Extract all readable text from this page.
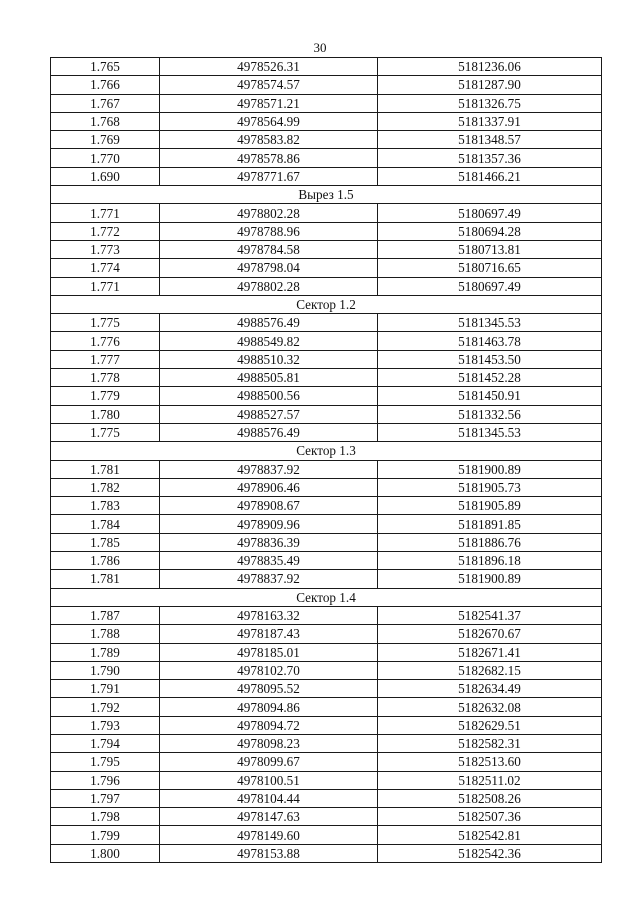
30
1.765	4978526.31	5181236.06
1.766	4978574.57	5181287.90
1.767	4978571.21	5181326.75
1.768	4978564.99	5181337.91
1.769	4978583.82	5181348.57
1.770	4978578.86	5181357.36
1.690	4978771.67	5181466.21
Вырез 1.5		
1.771	4978802.28	5180697.49
1.772	4978788.96	5180694.28
1.773	4978784.58	5180713.81
1.774	4978798.04	5180716.65
1.771	4978802.28	5180697.49
Сектор 1.2		
1.775	4988576.49	5181345.53
1.776	4988549.82	5181463.78
1.777	4988510.32	5181453.50
1.778	4988505.81	5181452.28
1.779	4988500.56	5181450.91
1.780	4988527.57	5181332.56
1.775	4988576.49	5181345.53
Сектор 1.3		
1.781	4978837.92	5181900.89
1.782	4978906.46	5181905.73
1.783	4978908.67	5181905.89
1.784	4978909.96	5181891.85
1.785	4978836.39	5181886.76
1.786	4978835.49	5181896.18
1.781	4978837.92	5181900.89
Сектор 1.4		
1.787	4978163.32	5182541.37
1.788	4978187.43	5182670.67
1.789	4978185.01	5182671.41
1.790	4978102.70	5182682.15
1.791	4978095.52	5182634.49
1.792	4978094.86	5182632.08
1.793	4978094.72	5182629.51
1.794	4978098.23	5182582.31
1.795	4978099.67	5182513.60
1.796	4978100.51	5182511.02
1.797	4978104.44	5182508.26
1.798	4978147.63	5182507.36
1.799	4978149.60	5182542.81
1.800	4978153.88	5182542.36
